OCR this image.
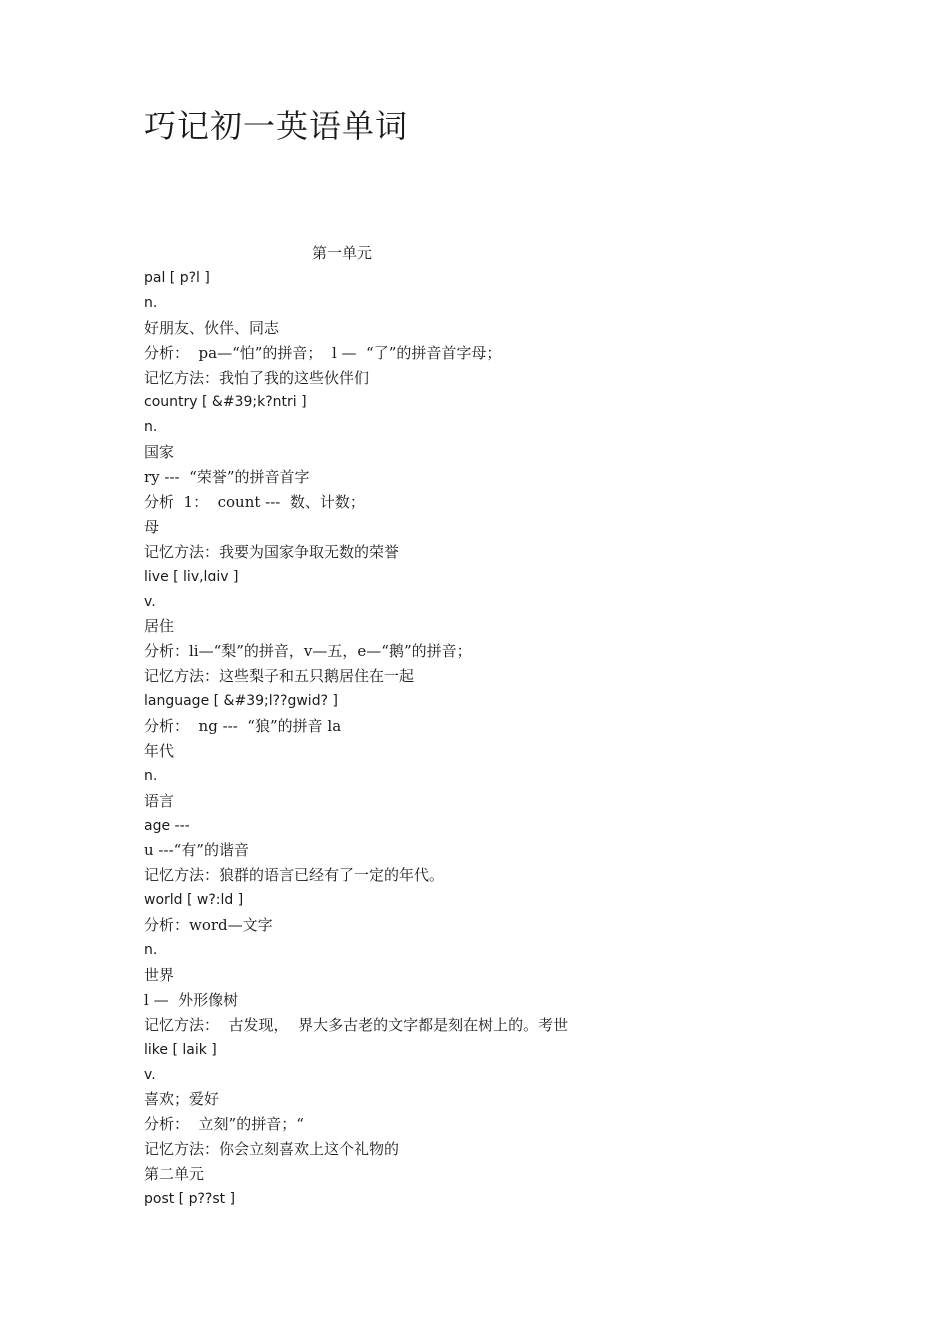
巧记初一英语单词
第一单元
pal [ p?l ]
n.
好朋友、伙伴、同志
分析：  pa—“怕”的拼音；  l —  “了”的拼音首字母；
记忆方法：我怕了我的这些伙伴们
country [ &#39;k?ntri ]
n.
国家
ry ---  “荣誉”的拼音首字
分析  1：  count ---  数、计数；
母
记忆方法：我要为国家争取无数的荣誉
live [ liv,lɑiv ]
v.
居住
分析：li—“梨”的拼音，v—五，e—“鹅”的拼音；
记忆方法：这些梨子和五只鹅居住在一起
language [ &#39;l??gwid? ]
分析：  ng ---  “狼”的拼音 la
年代
n.
语言
age ---
u ---“有”的谐音
记忆方法：狼群的语言已经有了一定的年代。
world [ w?:ld ]
分析：word—文字
n.
世界
l —  外形像树
记忆方法：  古发现，  界大多古老的文字都是刻在树上的。考世
like [ laik ]
v.
喜欢；爱好
分析：  立刻”的拼音；“
记忆方法：你会立刻喜欢上这个礼物的
第二单元
post [ p??st ]
